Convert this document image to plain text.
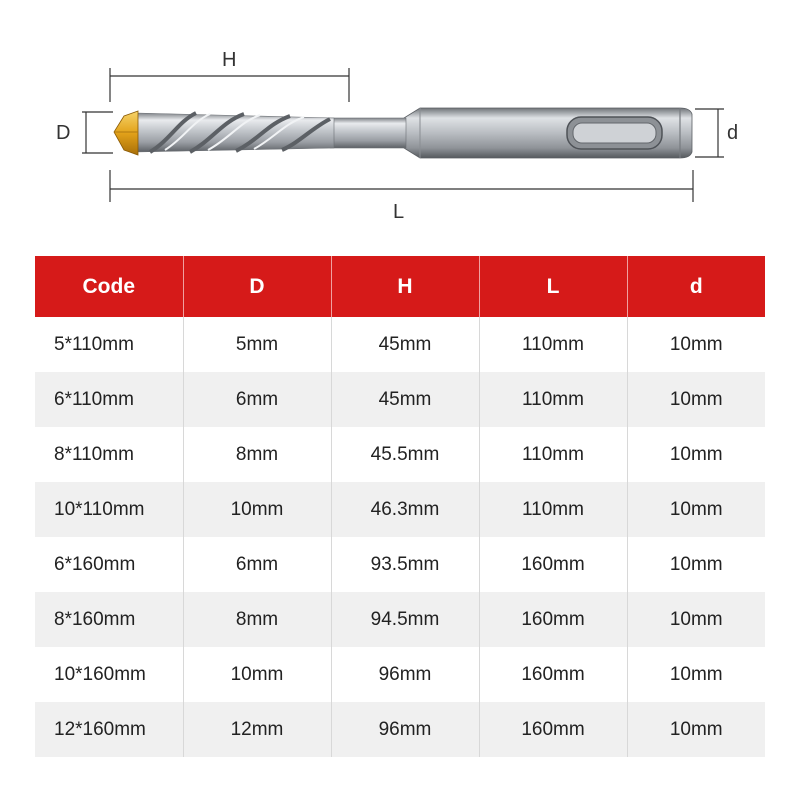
H
D	d
L
Code	D	H	L	d
5*110mm	5mm	45mm	110mm	10mm
6*110mm	6mm	45mm	110mm	10mm
8*110mm	8mm	45.5mm	110mm	10mm
10*110mm	10mm	46.3mm	110mm	10mm
6*160mm	6mm	93.5mm	160mm	10mm
8*160mm	8mm	94.5mm	160mm	10mm
10*160mm	10mm	96mm	160mm	10mm
12*160mm	12mm	96mm	160mm	10mm
